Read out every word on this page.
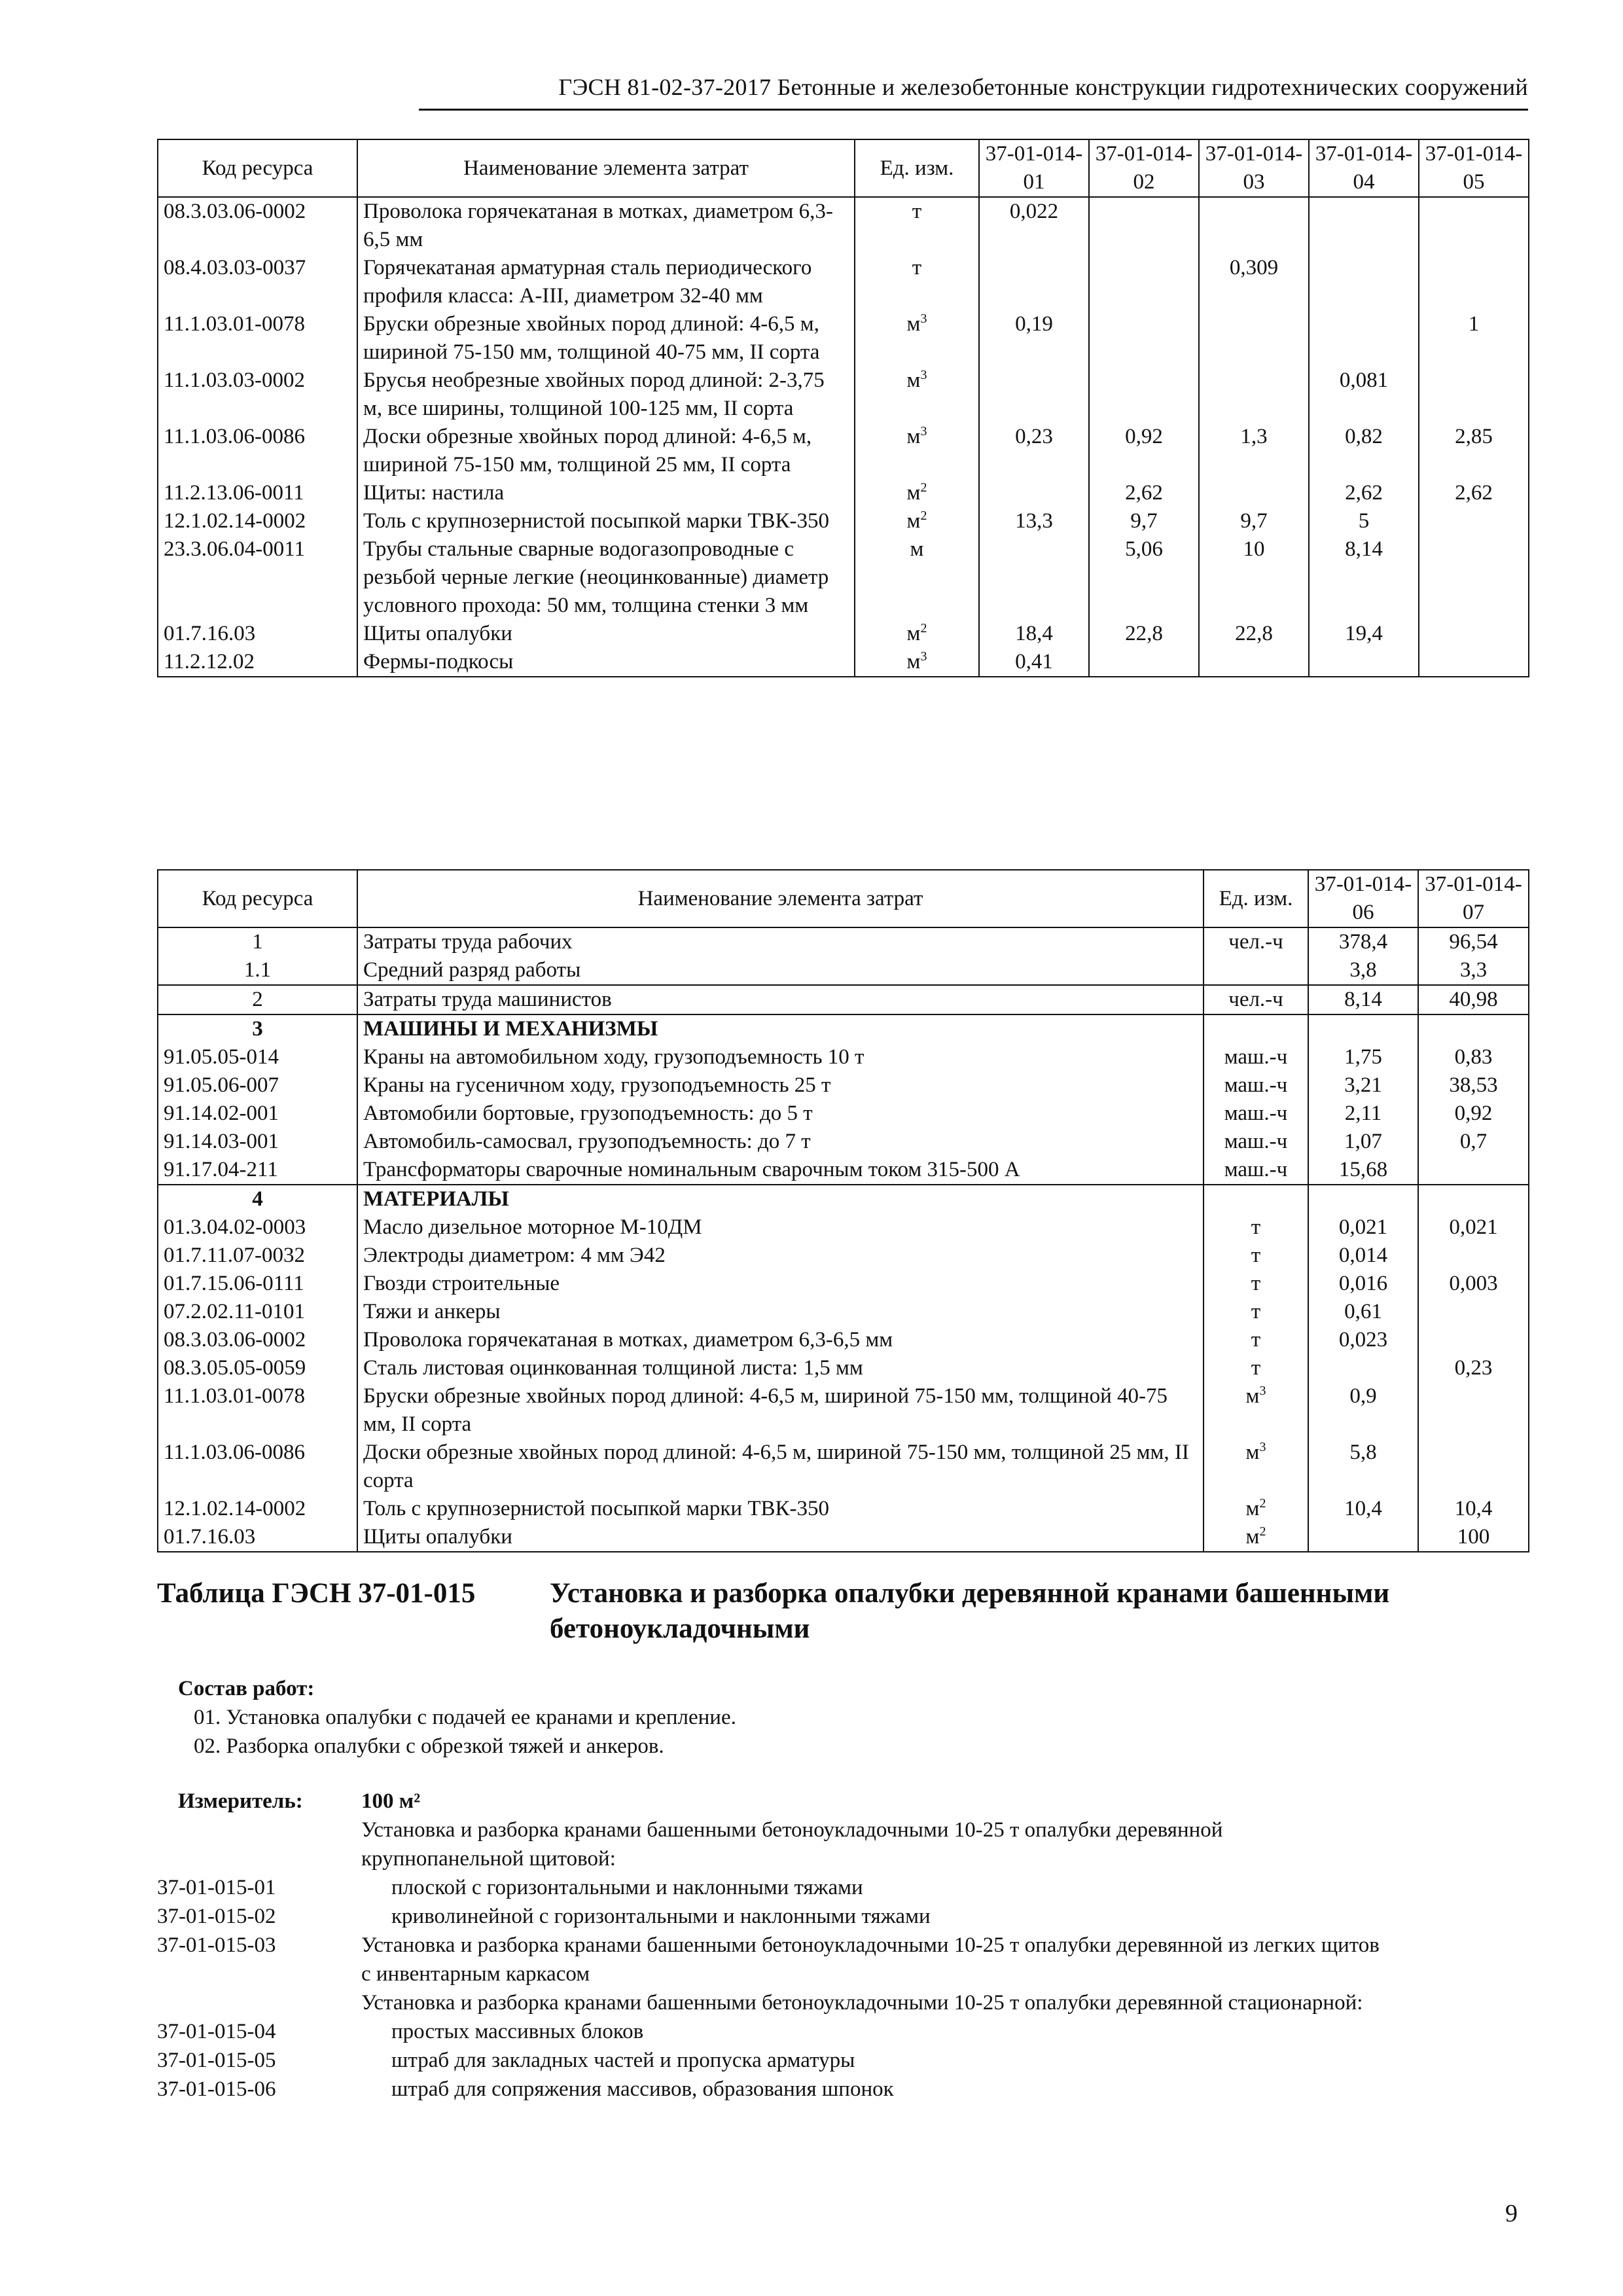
ГЭСН 81-02-37-2017 Бетонные и железобетонные конструкции гидротехнических сооружений
Код ресурса	Наименование элемента затрат	Ед. изм.	37-01-014-01	37-01-014-02	37-01-014-03	37-01-014-04	37-01-014-05
08.3.03.06-0002	Проволока горячекатаная в мотках, диаметром 6,3-6,5 мм	т	0,022				
08.4.03.03-0037	Горячекатаная арматурная сталь периодического профиля класса: А-III, диаметром 32-40 мм	т			0,309		
11.1.03.01-0078	Бруски обрезные хвойных пород длиной: 4-6,5 м, шириной 75-150 мм, толщиной 40-75 мм, II сорта	$м^3$	0,19				1
11.1.03.03-0002	Брусья необрезные хвойных пород длиной: 2-3,75 м, все ширины, толщиной 100-125 мм, II сорта	$м^3$				0,081	
11.1.03.06-0086	Доски обрезные хвойных пород длиной: 4-6,5 м, шириной 75-150 мм, толщиной 25 мм, II сорта	$м^3$	0,23	0,92	1,3	0,82	2,85
11.2.13.06-0011	Щиты: настила	$м^2$		2,62		2,62	2,62
12.1.02.14-0002	Толь с крупнозернистой посыпкой марки ТВК-350	$м^2$	13,3	9,7	9,7	5	
23.3.06.04-0011	Трубы стальные сварные водогазопроводные с резьбой черные легкие (неоцинкованные) диаметр условного прохода: 50 мм, толщина стенки 3 мм	м		5,06	10	8,14	
01.7.16.03	Щиты опалубки	$м^2$	18,4	22,8	22,8	19,4	
11.2.12.02	Фермы-подкосы	$м^3$	0,41				
Код ресурса	Наименование элемента затрат	Ед. изм.	37-01-014-06	37-01-014-07
1	Затраты труда рабочих	чел.-ч	378,4	96,54
1.1	Средний разряд работы		3,8	3,3
2	Затраты труда машинистов	чел.-ч	8,14	40,98
3	МАШИНЫ И МЕХАНИЗМЫ			
91.05.05-014	Краны на автомобильном ходу, грузоподъемность 10 т	маш.-ч	1,75	0,83
91.05.06-007	Краны на гусеничном ходу, грузоподъемность 25 т	маш.-ч	3,21	38,53
91.14.02-001	Автомобили бортовые, грузоподъемность: до 5 т	маш.-ч	2,11	0,92
91.14.03-001	Автомобиль-самосвал, грузоподъемность: до 7 т	маш.-ч	1,07	0,7
91.17.04-211	Трансформаторы сварочные номинальным сварочным током 315-500 А	маш.-ч	15,68	
4	МАТЕРИАЛЫ			
01.3.04.02-0003	Масло дизельное моторное М-10ДМ	т	0,021	0,021
01.7.11.07-0032	Электроды диаметром: 4 мм Э42	т	0,014	
01.7.15.06-0111	Гвозди строительные	т	0,016	0,003
07.2.02.11-0101	Тяжи и анкеры	т	0,61	
08.3.03.06-0002	Проволока горячекатаная в мотках, диаметром 6,3-6,5 мм	т	0,023	
08.3.05.05-0059	Сталь листовая оцинкованная толщиной листа: 1,5 мм	т		0,23
11.1.03.01-0078	Бруски обрезные хвойных пород длиной: 4-6,5 м, шириной 75-150 мм, толщиной 40-75 мм, II сорта	$м^3$	0,9	
11.1.03.06-0086	Доски обрезные хвойных пород длиной: 4-6,5 м, шириной 75-150 мм, толщиной 25 мм, II сорта	$м^3$	5,8	
12.1.02.14-0002	Толь с крупнозернистой посыпкой марки ТВК-350	$м^2$	10,4	10,4
01.7.16.03	Щиты опалубки	$м^2$		100
Таблица ГЭСН 37-01-015	Установка и разборка опалубки деревянной кранами башенными бетоноукладочными
Состав работ:
01. Установка опалубки с подачей ее кранами и крепление.
02. Разборка опалубки с обрезкой тяжей и анкеров.
Измеритель:	100 м²
Установка и разборка кранами башенными бетоноукладочными 10-25 т опалубки деревянной
крупнопанельной щитовой:
37-01-015-01	плоской с горизонтальными и наклонными тяжами
37-01-015-02	криволинейной с горизонтальными и наклонными тяжами
37-01-015-03	Установка и разборка кранами башенными бетоноукладочными 10-25 т опалубки деревянной из легких щитов
с инвентарным каркасом
Установка и разборка кранами башенными бетоноукладочными 10-25 т опалубки деревянной стационарной:
37-01-015-04	простых массивных блоков
37-01-015-05	штраб для закладных частей и пропуска арматуры
37-01-015-06	штраб для сопряжения массивов, образования шпонок
9
